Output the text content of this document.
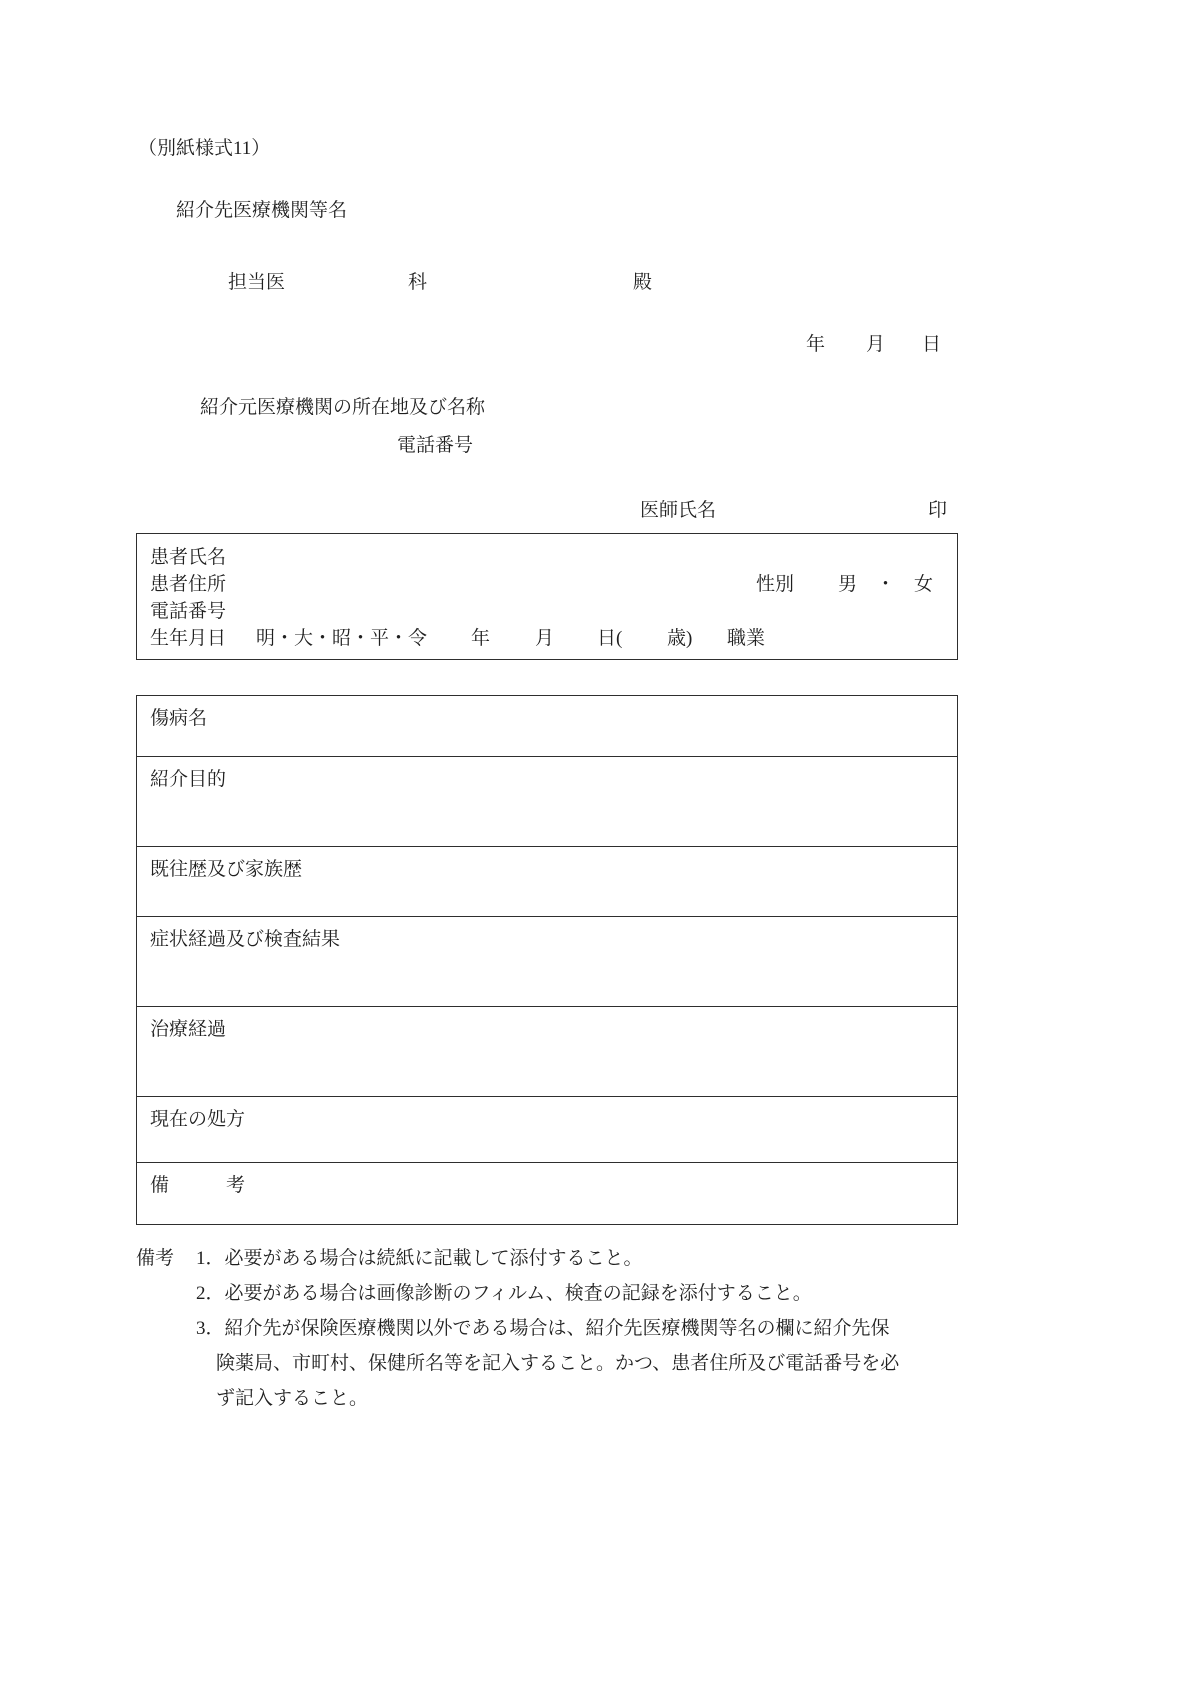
（別紙様式11）
紹介先医療機関等名
担当医	科	殿
年 月 日
紹介元医療機関の所在地及び名称
電話番号
医師氏名	印
患者氏名
患者住所	性別 男　・　女
電話番号
生年月日 明・大・昭・平・令 年 月 日( 歳) 職業
傷病名
紹介目的
既往歴及び家族歴
症状経過及び検査結果
治療経過
現在の処方
備　　　考
備考 1．必要がある場合は続紙に記載して添付すること。
2．必要がある場合は画像診断のフィルム、検査の記録を添付すること。
3．紹介先が保険医療機関以外である場合は、紹介先医療機関等名の欄に紹介先保
険薬局、市町村、保健所名等を記入すること。かつ、患者住所及び電話番号を必
ず記入すること。
